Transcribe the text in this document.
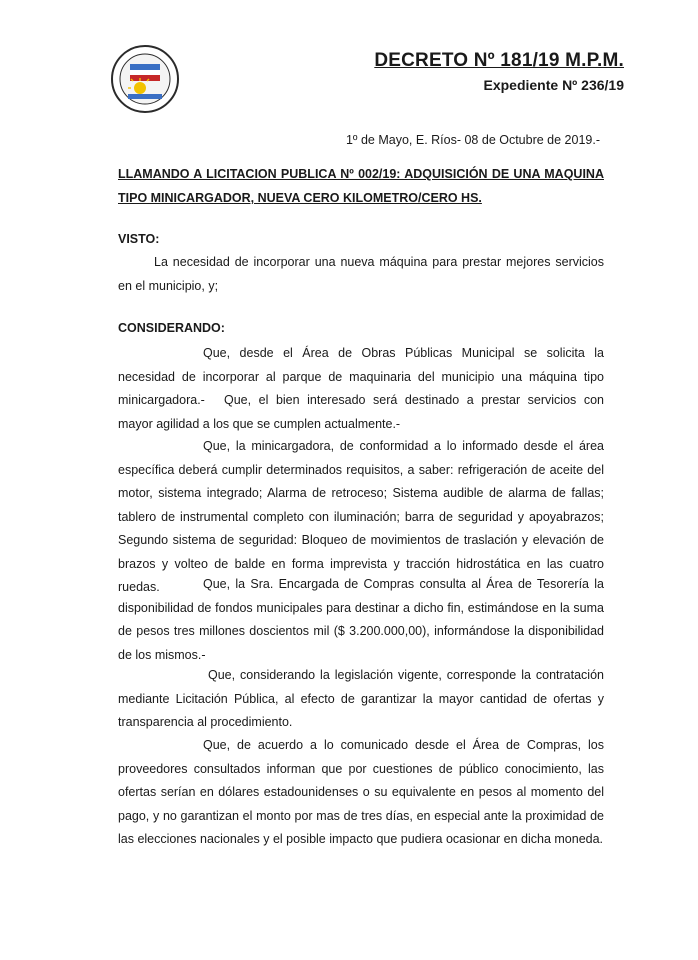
DECRETO Nº 181/19 M.P.M.
Expediente Nº 236/19
1º de Mayo, E. Ríos- 08 de Octubre de 2019.-
LLAMANDO A LICITACION PUBLICA Nº 002/19: ADQUISICIÓN DE UNA MAQUINA TIPO MINICARGADOR, NUEVA CERO KILOMETRO/CERO HS.
VISTO:

La necesidad de incorporar una nueva máquina para prestar mejores servicios en el municipio, y;

CONSIDERANDO:

Que, desde el Área de Obras Públicas Municipal se solicita la necesidad de incorporar al parque de maquinaria del municipio una máquina tipo minicargadora.-	Que, el bien interesado será destinado a prestar servicios con mayor agilidad a los que se cumplen actualmente.-

Que, la minicargadora, de conformidad a lo informado desde el área específica deberá cumplir determinados requisitos, a saber: refrigeración de aceite del motor, sistema integrado; Alarma de retroceso; Sistema audible de alarma de fallas; tablero de instrumental completo con iluminación; barra de seguridad y apoyabrazos; Segundo sistema de seguridad: Bloqueo de movimientos de traslación y elevación de brazos y volteo de balde en forma imprevista y tracción hidrostática en las cuatro ruedas.	Que, la Sra. Encargada de Compras consulta al Área de Tesorería la disponibilidad de fondos municipales para destinar a dicho fin, estimándose en la suma de pesos tres millones doscientos mil ($ 3.200.000,00), informándose la disponibilidad de los mismos.-

Que, considerando la legislación vigente, corresponde la contratación mediante Licitación Pública, al efecto de garantizar la mayor cantidad de ofertas y transparencia al procedimiento.

Que, de acuerdo a lo comunicado desde el Área de Compras, los proveedores consultados informan que por cuestiones de público conocimiento, las ofertas serían en dólares estadounidenses o su equivalente en pesos al momento del pago, y no garantizan el monto por mas de tres días, en especial ante la proximidad de las elecciones nacionales y el posible impacto que pudiera ocasionar en dicha moneda.
